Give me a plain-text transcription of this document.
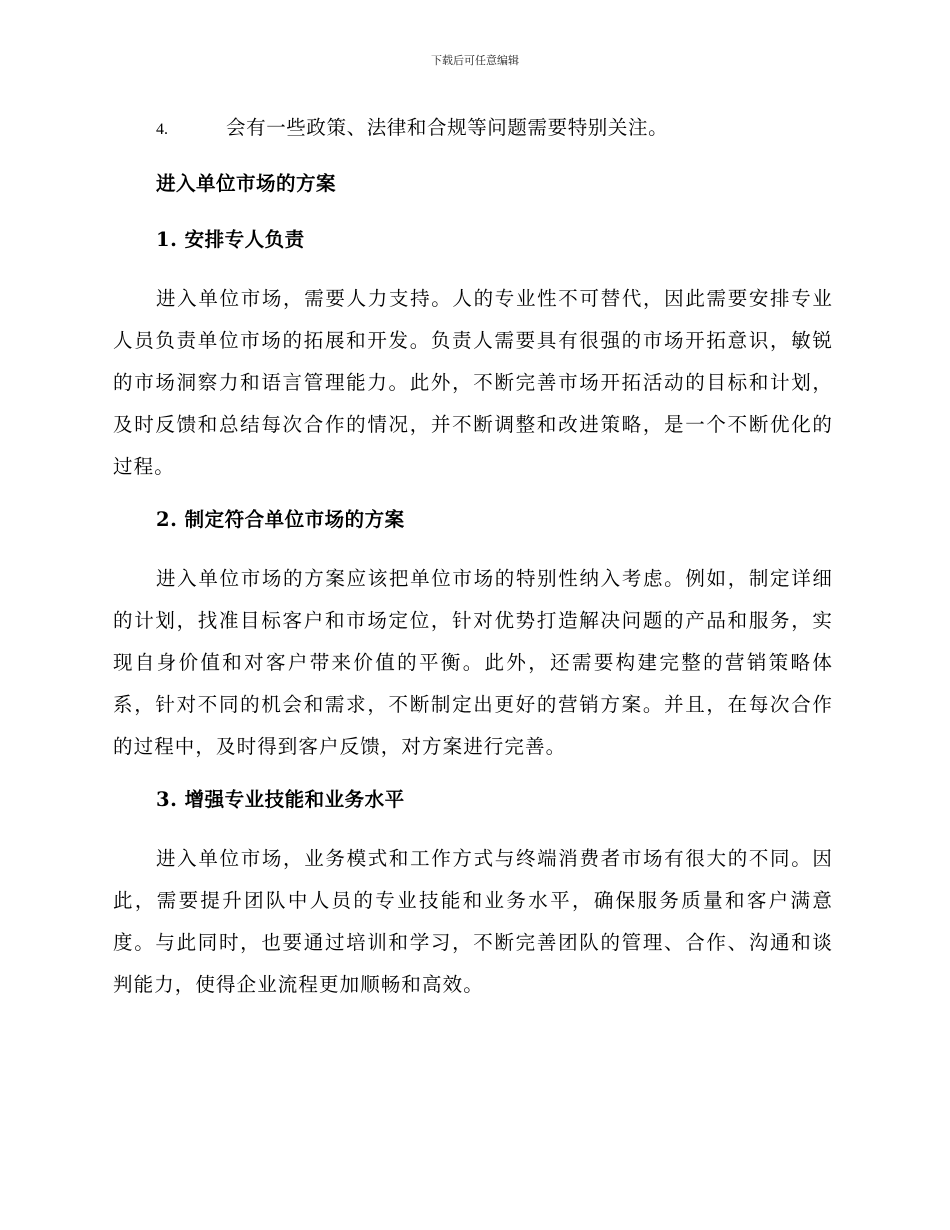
下载后可任意编辑
4.	会有一些政策、法律和合规等问题需要特别关注。
进入单位市场的方案
1. 安排专人负责

进入单位市场，需要人力支持。人的专业性不可替代，因此需要安排专业人员负责单位市场的拓展和开发。负责人需要具有很强的市场开拓意识，敏锐的市场洞察力和语言管理能力。此外，不断完善市场开拓活动的目标和计划，及时反馈和总结每次合作的情况，并不断调整和改进策略，是一个不断优化的过程。

2. 制定符合单位市场的方案

进入单位市场的方案应该把单位市场的特别性纳入考虑。例如，制定详细的计划，找准目标客户和市场定位，针对优势打造解决问题的产品和服务，实现自身价值和对客户带来价值的平衡。此外，还需要构建完整的营销策略体系，针对不同的机会和需求，不断制定出更好的营销方案。并且，在每次合作的过程中，及时得到客户反馈，对方案进行完善。

3. 增强专业技能和业务水平

进入单位市场，业务模式和工作方式与终端消费者市场有很大的不同。因此，需要提升团队中人员的专业技能和业务水平，确保服务质量和客户满意度。与此同时，也要通过培训和学习，不断完善团队的管理、合作、沟通和谈判能力，使得企业流程更加顺畅和高效。
